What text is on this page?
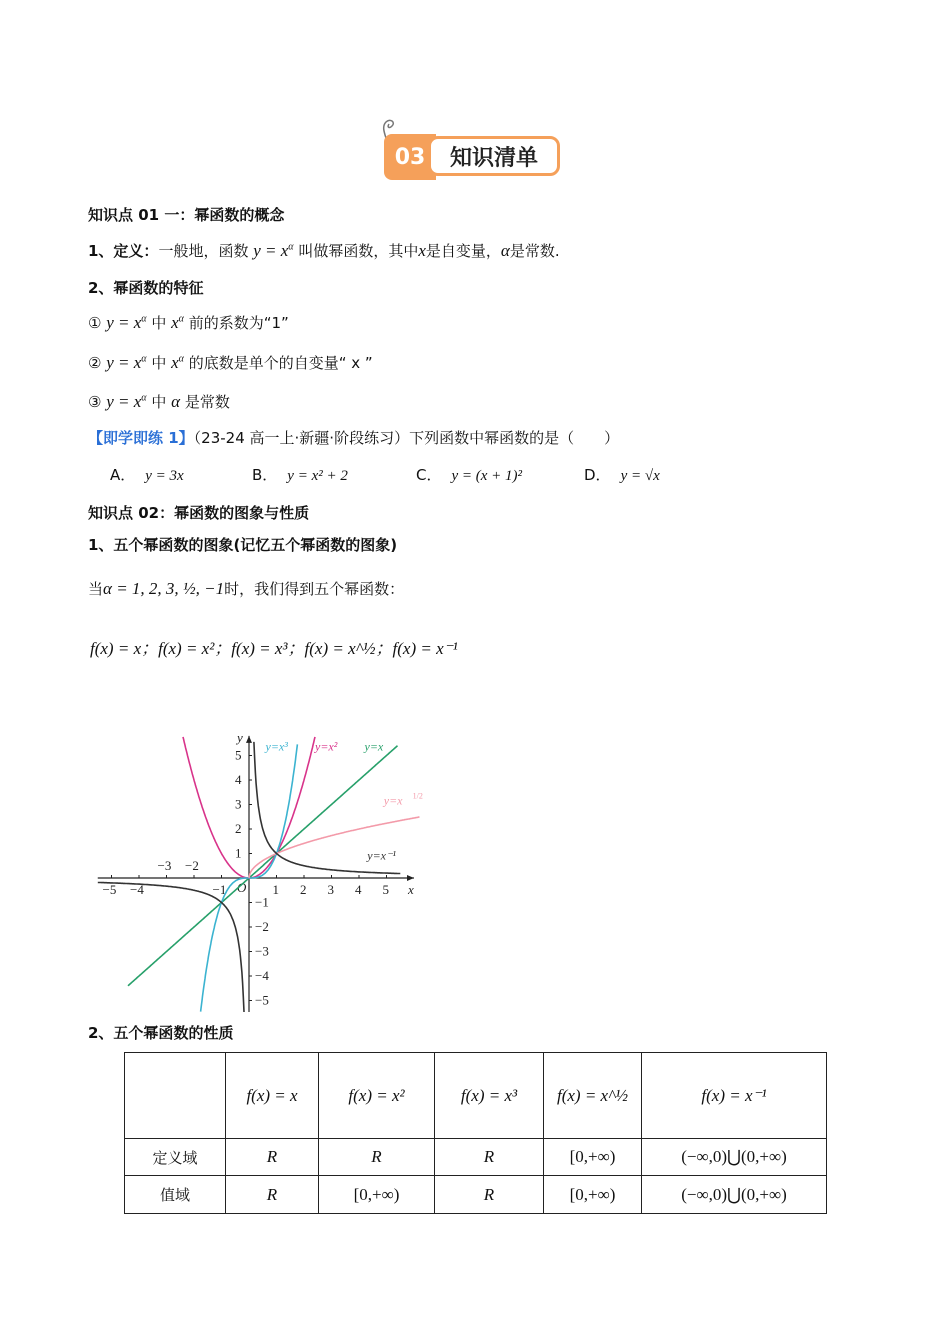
03	知识清单
知识点 01 一：幂函数的概念
1、定义：一般地，函数 $y = x^\alpha$ 叫做幂函数，其中x是自变量，α是常数.
2、幂函数的特征
① $y = x^\alpha$ 中 $x^\alpha$ 前的系数为“1”
② $y = x^\alpha$ 中 $x^\alpha$ 的底数是单个的自变量“ x ”
③ $y = x^\alpha$ 中 α 是常数
【即学即练 1】（23-24 高一上·新疆·阶段练习）下列函数中幂函数的是（　　）
A． y = 3x	B． y = x² + 2	C． y = (x + 1)²	D． y = √x
知识点 02：幂函数的图象与性质
1、五个幂函数的图象(记忆五个幂函数的图象)
当α = 1, 2, 3, ½, −1时，我们得到五个幂函数：
f(x) = x；f(x) = x²；f(x) = x³；f(x) = x^½；f(x) = x⁻¹
x
y
O
−5 −4
−3 −2
−1	1 2 3 4 5
5
4
3
2
1
−1
−2
−3
−4
−5
y=x³ y=x² y=x
y=x 1/2
y=x⁻¹
2、五个幂函数的性质
	f(x) = x	f(x) = x²	f(x) = x³	f(x) = x^½	f(x) = x⁻¹
定义域	R	R	R	[0,+∞)	(−∞,0)⋃(0,+∞)
值域	R	[0,+∞)	R	[0,+∞)	(−∞,0)⋃(0,+∞)
